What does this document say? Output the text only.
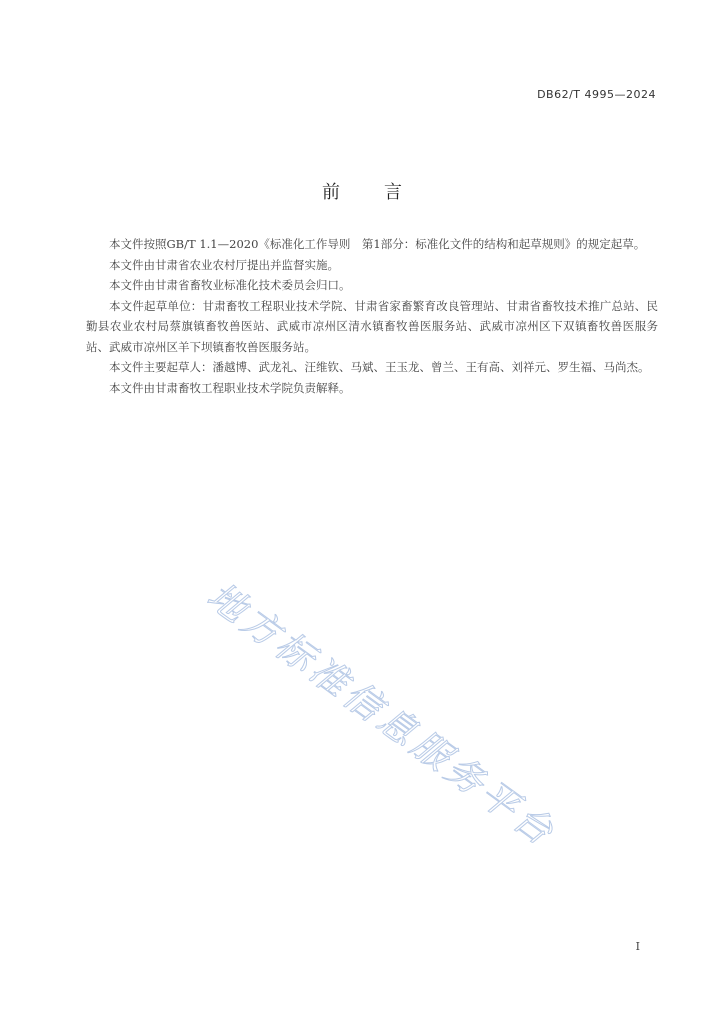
DB62/T 4995—2024
前言

本文件按照GB/T 1.1—2020《标准化工作导则　第1部分：标准化文件的结构和起草规则》的规定起草。

本文件由甘肃省农业农村厅提出并监督实施。

本文件由甘肃省畜牧业标准化技术委员会归口。

本文件起草单位：甘肃畜牧工程职业技术学院、甘肃省家畜繁育改良管理站、甘肃省畜牧技术推广总站、民勤县农业农村局蔡旗镇畜牧兽医站、武威市凉州区清水镇畜牧兽医服务站、武威市凉州区下双镇畜牧兽医服务站、武威市凉州区羊下坝镇畜牧兽医服务站。

本文件主要起草人：潘越博、武龙礼、汪维钦、马斌、王玉龙、曾兰、王有高、刘祥元、罗生福、马尚杰。

本文件由甘肃畜牧工程职业技术学院负责解释。

地方标准信息服务平台
I
